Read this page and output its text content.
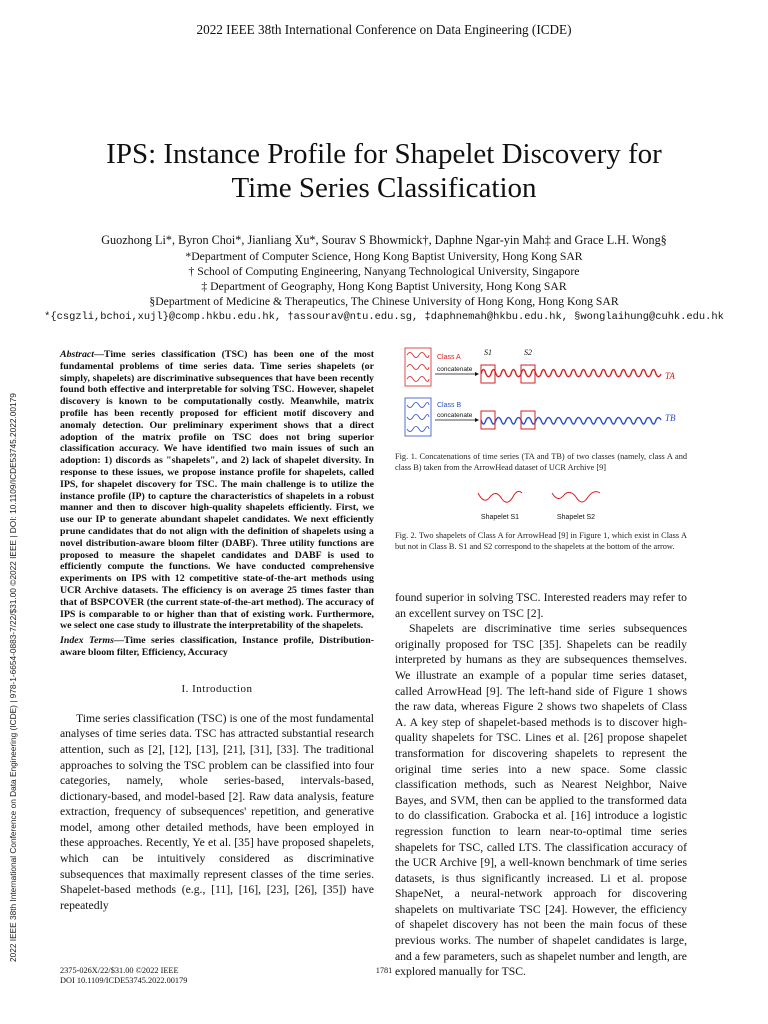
2022 IEEE 38th International Conference on Data Engineering (ICDE)
IPS: Instance Profile for Shapelet Discovery for
Time Series Classification
Guozhong Li*, Byron Choi*, Jianliang Xu*, Sourav S Bhowmick†, Daphne Ngar-yin Mah‡ and Grace L.H. Wong§
*Department of Computer Science, Hong Kong Baptist University, Hong Kong SAR
† School of Computing Engineering, Nanyang Technological University, Singapore
‡ Department of Geography, Hong Kong Baptist University, Hong Kong SAR
§Department of Medicine & Therapeutics, The Chinese University of Hong Kong, Hong Kong SAR
*{csgzli,bchoi,xujl}@comp.hkbu.edu.hk, †assourav@ntu.edu.sg, ‡daphnemah@hkbu.edu.hk, §wonglaihung@cuhk.edu.hk
2022 IEEE 38th International Conference on Data Engineering (ICDE) | 978-1-6654-0883-7/22/$31.00 ©2022 IEEE | DOI: 10.1109/ICDE53745.2022.00179
Abstract—Time series classification (TSC) has been one of the most fundamental problems of time series data. Time series shapelets (or simply, shapelets) are discriminative subsequences that have been recently found both effective and interpretable for solving TSC. However, shapelet discovery is known to be computationally costly. Meanwhile, matrix profile has been recently proposed for efficient motif discovery and anomaly detection. Our preliminary experiment shows that a direct adoption of the matrix profile on TSC does not bring superior classification accuracy. We have identified two main issues of such an adoption: 1) discords as "shapelets", and 2) lack of shapelet diversity. In response to these issues, we propose instance profile for shapelets, called IPS, for shapelet discovery for TSC. The main challenge is to utilize the instance profile (IP) to capture the characteristics of shapelets in a robust manner and then to discover high-quality shapelets efficiently. First, we use our IP to generate abundant shapelet candidates. We next efficiently prune candidates that do not align with the definition of shapelets using a novel distribution-aware bloom filter (DABF). Three utility functions are proposed to measure the shapelet candidates and DABF is used to efficiently compute the functions. We have conducted comprehensive experiments on IPS with 12 competitive state-of-the-art methods using UCR Archive datasets. The efficiency is on average 25 times faster than that of BSPCOVER (the current state-of-the-art method). The accuracy of IPS is comparable to or higher than that of existing work. Furthermore, we select one case study to illustrate the interpretability of the shapelets.
Index Terms—Time series classification, Instance profile, Distribution-aware bloom filter, Efficiency, Accuracy
I. Introduction

Time series classification (TSC) is one of the most fundamental analyses of time series data. TSC has attracted substantial research attention, such as [2], [12], [13], [21], [31], [33]. The traditional approaches to solving the TSC problem can be classified into four categories, namely, whole series-based, intervals-based, dictionary-based, and model-based [2]. Raw data analysis, feature extraction, frequency of subsequences' repetition, and generative model, among other detailed methods, have been employed in these approaches. Recently, Ye et al. [35] have proposed shapelets, which can be intuitively considered as discriminative subsequences that maximally represent classes of the time series. Shapelet-based methods (e.g., [11], [16], [23], [26], [35]) have repeatedly

Class A
concatenate
Class B
concatenate
S1	S2
TA
TB
Fig. 1. Concatenations of time series (TA and TB) of two classes (namely, class A and class B) taken from the ArrowHead dataset of UCR Archive [9]
Shapelet S1	Shapelet S2
Fig. 2. Two shapelets of Class A for ArrowHead [9] in Figure 1, which exist in Class A but not in Class B. S1 and S2 correspond to the shapelets at the bottom of the arrow.

found superior in solving TSC. Interested readers may refer to an excellent survey on TSC [2].

Shapelets are discriminative time series subsequences originally proposed for TSC [35]. Shapelets can be readily interpreted by humans as they are subsequences themselves. We illustrate an example of a popular time series dataset, called ArrowHead [9]. The left-hand side of Figure 1 shows the raw data, whereas Figure 2 shows two shapelets of Class A. A key step of shapelet-based methods is to discover high-quality shapelets for TSC. Lines et al. [26] propose shapelet transformation for discovering shapelets to represent the original time series into a new space. Some classic classification methods, such as Nearest Neighbor, Naive Bayes, and SVM, then can be applied to the transformed data to do classification. Grabocka et al. [16] introduce a logistic regression function to learn near-to-optimal time series shapelets for TSC, called LTS. The classification accuracy of the UCR Archive [9], a well-known benchmark of time series datasets, is thus significantly increased. Li et al. propose ShapeNet, a neural-network approach for discovering shapelets on multivariate TSC [24]. However, the efficiency of shapelet discovery has not been the main focus of these previous works. The number of shapelet candidates is large, and a few parameters, such as shapelet number and length, are explored manually for TSC.

2375-026X/22/$31.00 ©2022 IEEE
DOI 10.1109/ICDE53745.2022.00179
1781
